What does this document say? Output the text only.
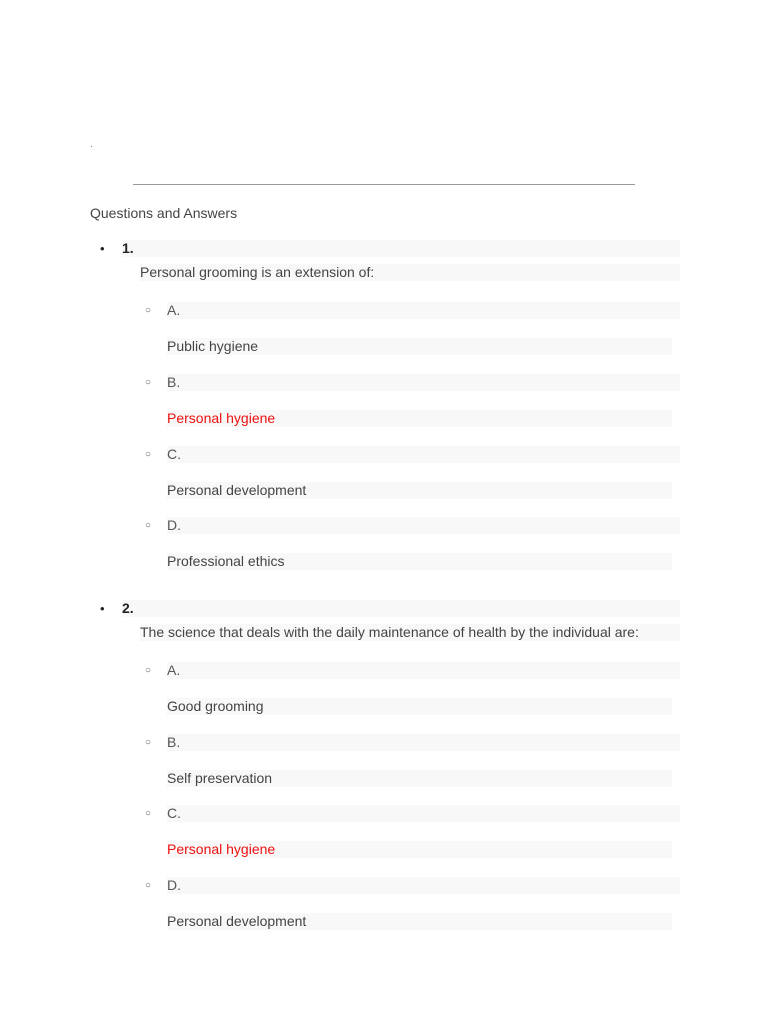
.
Questions and Answers
• 1.
Personal grooming is an extension of:
○ A.
Public hygiene
○ B.
Personal hygiene
○ C.
Personal development
○ D.
Professional ethics
• 2.
The science that deals with the daily maintenance of health by the individual are:
○ A.
Good grooming
○ B.
Self preservation
○ C.
Personal hygiene
○ D.
Personal development
